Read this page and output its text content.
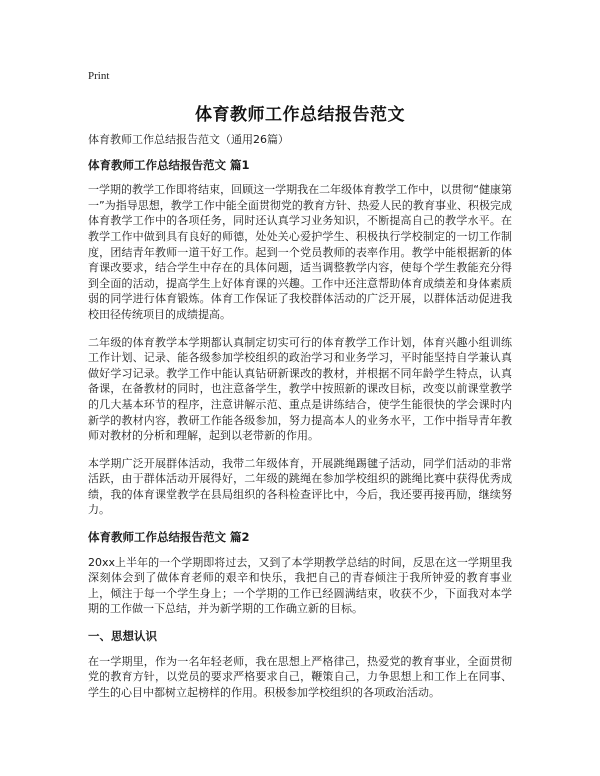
Print
体育教师工作总结报告范文
体育教师工作总结报告范文（通用26篇）
体育教师工作总结报告范文 篇1
一学期的教学工作即将结束，回顾这一学期我在二年级体育教学工作中，以贯彻“健康第一”为指导思想，教学工作中能全面贯彻党的教育方针、热爱人民的教育事业、积极完成体育教学工作中的各项任务，同时还认真学习业务知识，不断提高自己的教学水平。在教学工作中做到具有良好的师德，处处关心爱护学生、积极执行学校制定的一切工作制度，团结青年教师一道干好工作。起到一个党员教师的表率作用。教学中能根据新的体育课改要求，结合学生中存在的具体问题，适当调整教学内容，使每个学生教能充分得到全面的活动，提高学生上好体育课的兴趣。工作中还注意帮助体育成绩差和身体素质弱的同学进行体育锻炼。体育工作保证了我校群体活动的广泛开展，以群体活动促进我校田径传统项目的成绩提高。
二年级的体育教学本学期都认真制定切实可行的体育教学工作计划，体育兴趣小组训练工作计划、记录、能各级参加学校组织的政治学习和业务学习，平时能坚持自学兼认真做好学习记录。教学工作中能认真钻研新课改的教材，并根据不同年龄学生特点，认真备课，在备教材的同时，也注意备学生，教学中按照新的课改目标，改变以前课堂教学的几大基本环节的程序，注意讲解示范、重点是讲练结合，使学生能很快的学会课时内新学的教材内容，教研工作能各级参加，努力提高本人的业务水平，工作中指导青年教师对教材的分析和理解，起到以老带新的作用。
本学期广泛开展群体活动，我带二年级体育，开展跳绳踢毽子活动，同学们活动的非常活跃，由于群体活动开展得好，二年级的跳绳在参加学校组织的跳绳比赛中获得优秀成绩，我的体育课堂教学在县局组织的各科检查评比中，今后，我还要再接再励，继续努力。
体育教师工作总结报告范文 篇2
20xx上半年的一个学期即将过去，又到了本学期教学总结的时间，反思在这一学期里我深刻体会到了做体育老师的艰辛和快乐，我把自己的青春倾注于我所钟爱的教育事业上，倾注于每一个学生身上；一个学期的工作已经圆满结束，收获不少，下面我对本学期的工作做一下总结，并为新学期的工作确立新的目标。
一、思想认识
在一学期里，作为一名年轻老师，我在思想上严格律己，热爱党的教育事业，全面贯彻党的教育方针，以党员的要求严格要求自己，鞭策自己，力争思想上和工作上在同事、学生的心目中都树立起榜样的作用。积极参加学校组织的各项政治活动。
